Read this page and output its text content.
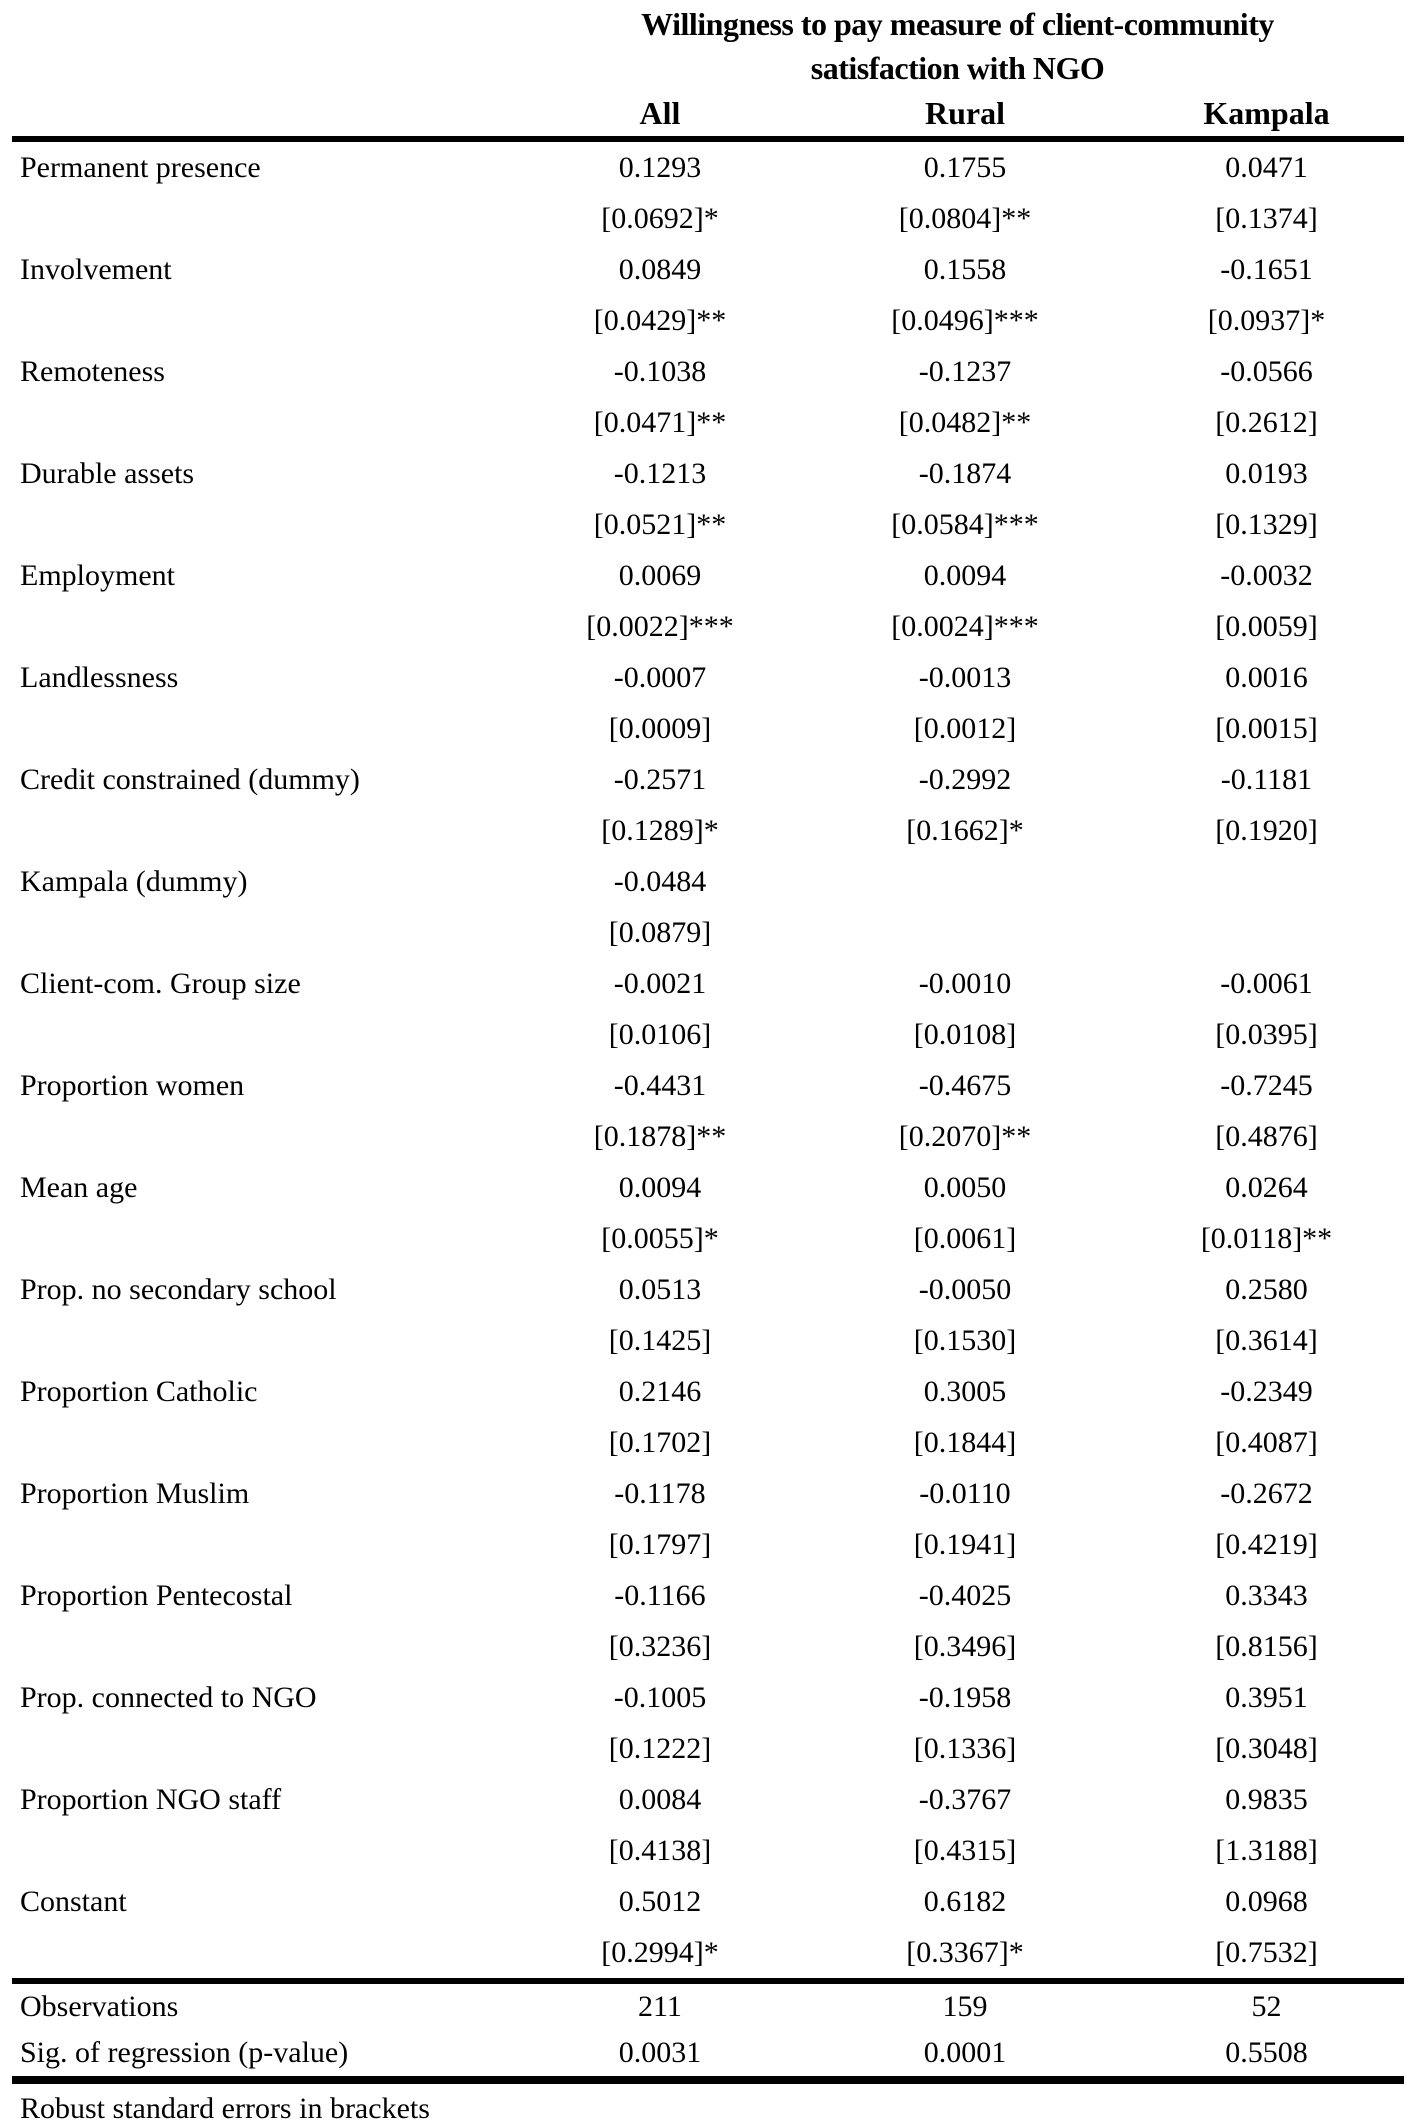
Willingness to pay measure of client-community
satisfaction with NGO
All	Rural	Kampala
Permanent presence	0.1293	0.1755	0.0471
[0.0692]*	[0.0804]**	[0.1374]
Involvement	0.0849	0.1558	-0.1651
[0.0429]**	[0.0496]***	[0.0937]*
Remoteness	-0.1038	-0.1237	-0.0566
[0.0471]**	[0.0482]**	[0.2612]
Durable assets	-0.1213	-0.1874	0.0193
[0.0521]**	[0.0584]***	[0.1329]
Employment	0.0069	0.0094	-0.0032
[0.0022]***	[0.0024]***	[0.0059]
Landlessness	-0.0007	-0.0013	0.0016
[0.0009]	[0.0012]	[0.0015]
Credit constrained (dummy)	-0.2571	-0.2992	-0.1181
[0.1289]*	[0.1662]*	[0.1920]
Kampala (dummy)	-0.0484
[0.0879]
Client-com. Group size	-0.0021	-0.0010	-0.0061
[0.0106]	[0.0108]	[0.0395]
Proportion women	-0.4431	-0.4675	-0.7245
[0.1878]**	[0.2070]**	[0.4876]
Mean age	0.0094	0.0050	0.0264
[0.0055]*	[0.0061]	[0.0118]**
Prop. no secondary school	0.0513	-0.0050	0.2580
[0.1425]	[0.1530]	[0.3614]
Proportion Catholic	0.2146	0.3005	-0.2349
[0.1702]	[0.1844]	[0.4087]
Proportion Muslim	-0.1178	-0.0110	-0.2672
[0.1797]	[0.1941]	[0.4219]
Proportion Pentecostal	-0.1166	-0.4025	0.3343
[0.3236]	[0.3496]	[0.8156]
Prop. connected to NGO	-0.1005	-0.1958	0.3951
[0.1222]	[0.1336]	[0.3048]
Proportion NGO staff	0.0084	-0.3767	0.9835
[0.4138]	[0.4315]	[1.3188]
Constant	0.5012	0.6182	0.0968
[0.2994]*	[0.3367]*	[0.7532]
Observations	211	159	52
Sig. of regression (p-value)	0.0031	0.0001	0.5508
Robust standard errors in brackets
